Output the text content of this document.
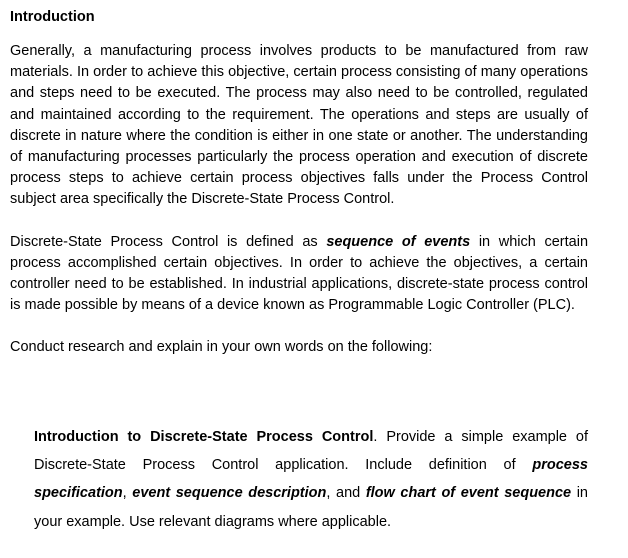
Introduction

Generally, a manufacturing process involves products to be manufactured from raw materials. In order to achieve this objective, certain process consisting of many operations and steps need to be executed. The process may also need to be controlled, regulated and maintained according to the requirement. The operations and steps are usually of discrete in nature where the condition is either in one state or another. The understanding of manufacturing processes particularly the process operation and execution of discrete process steps to achieve certain process objectives falls under the Process Control subject area specifically the Discrete-State Process Control.

Discrete-State Process Control is defined as sequence of events in which certain process accomplished certain objectives. In order to achieve the objectives, a certain controller need to be established. In industrial applications, discrete-state process control is made possible by means of a device known as Programmable Logic Controller (PLC).

Conduct research and explain in your own words on the following:

Introduction to Discrete-State Process Control. Provide a simple example of Discrete-State Process Control application. Include definition of process specification, event sequence description, and flow chart of event sequence in your example. Use relevant diagrams where applicable.
